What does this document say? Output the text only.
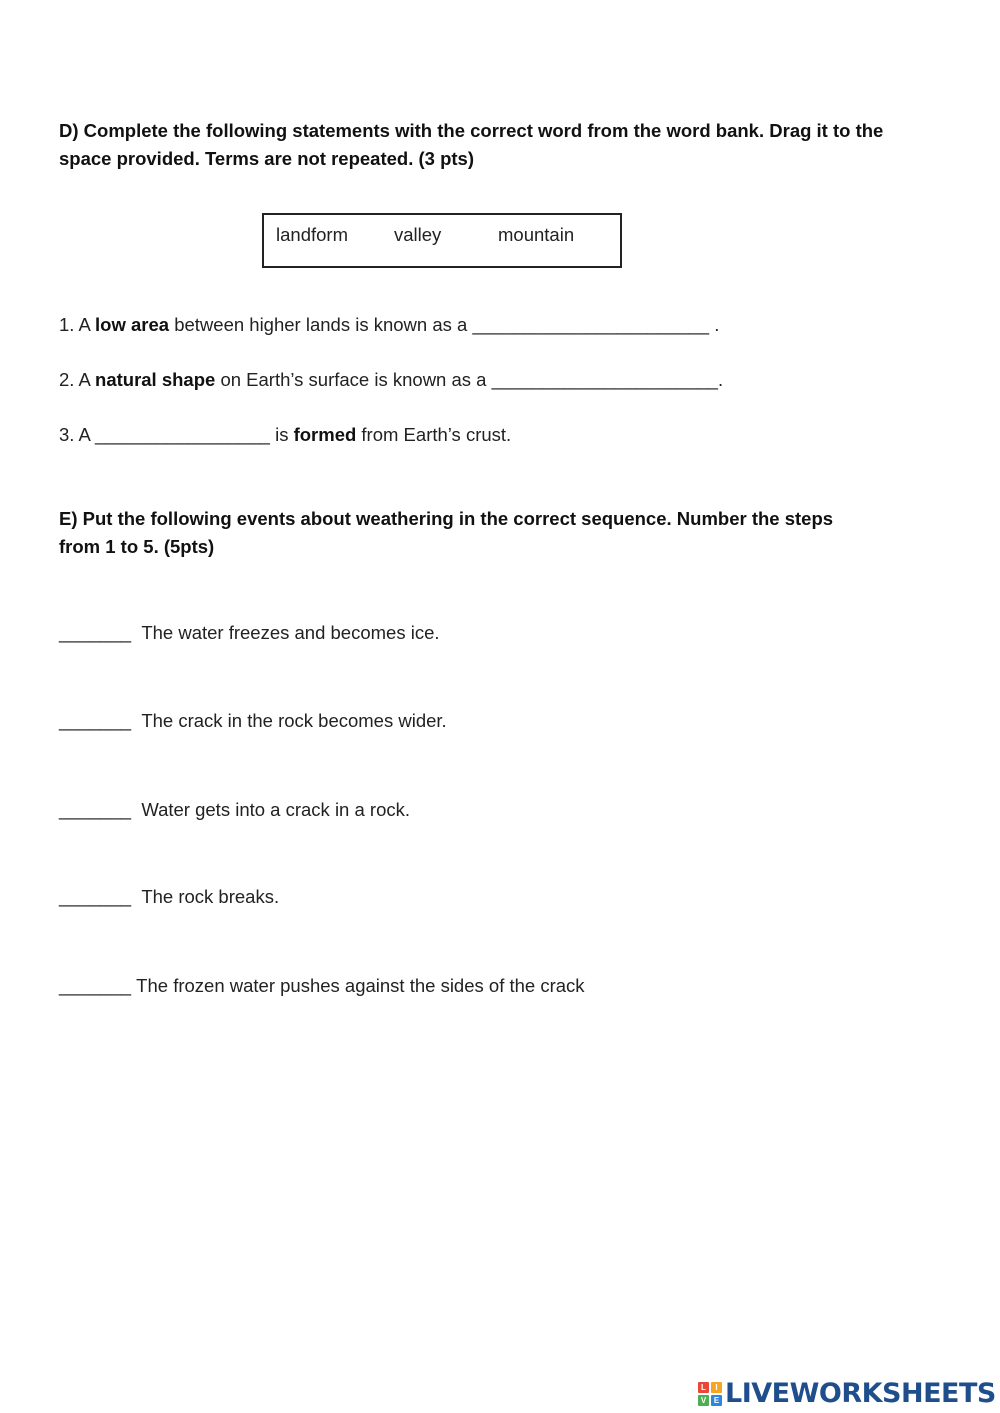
D) Complete the following statements with the correct word from the word bank. Drag it to the
space provided. Terms are not repeated. (3 pts)
landform valley	mountain
1. A low area between higher lands is known as a _______________________ .
2. A natural shape on Earth’s surface is known as a ______________________.
3. A _________________ is formed from Earth’s crust.
E) Put the following events about weathering in the correct sequence. Number the steps
from 1 to 5. (5pts)
_______ The water freezes and becomes ice.
_______ The crack in the rock becomes wider.
_______ Water gets into a crack in a rock.
_______ The rock breaks.
_______ The frozen water pushes against the sides of the crack
L	I
V E LIVEWORKSHEETS
